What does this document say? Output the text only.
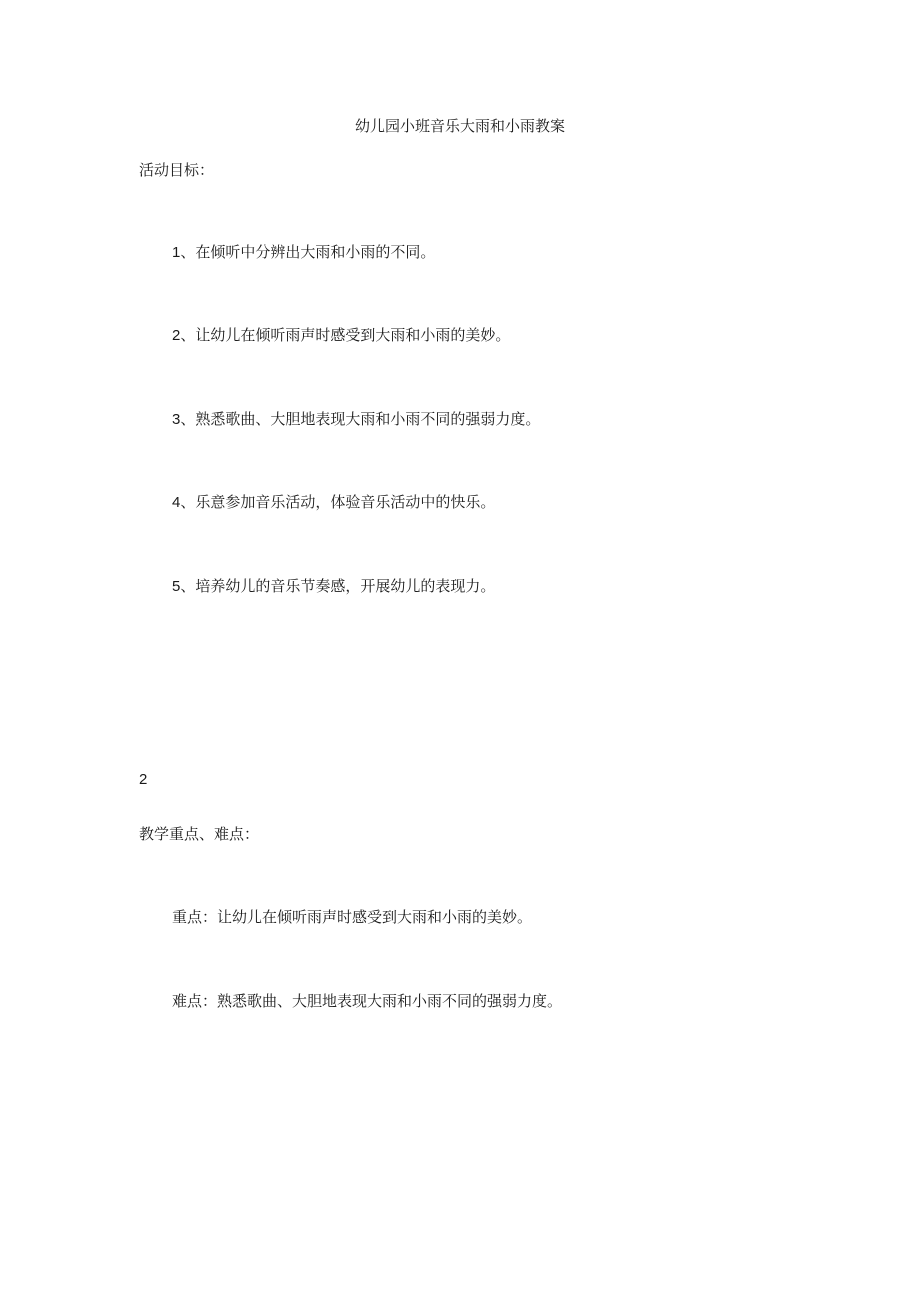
幼儿园小班音乐大雨和小雨教案
活动目标：
1、在倾听中分辨出大雨和小雨的不同。
2、让幼儿在倾听雨声时感受到大雨和小雨的美妙。
3、熟悉歌曲、大胆地表现大雨和小雨不同的强弱力度。
4、乐意参加音乐活动，体验音乐活动中的快乐。
5、培养幼儿的音乐节奏感，开展幼儿的表现力。
2
教学重点、难点：
重点：让幼儿在倾听雨声时感受到大雨和小雨的美妙。
难点：熟悉歌曲、大胆地表现大雨和小雨不同的强弱力度。
